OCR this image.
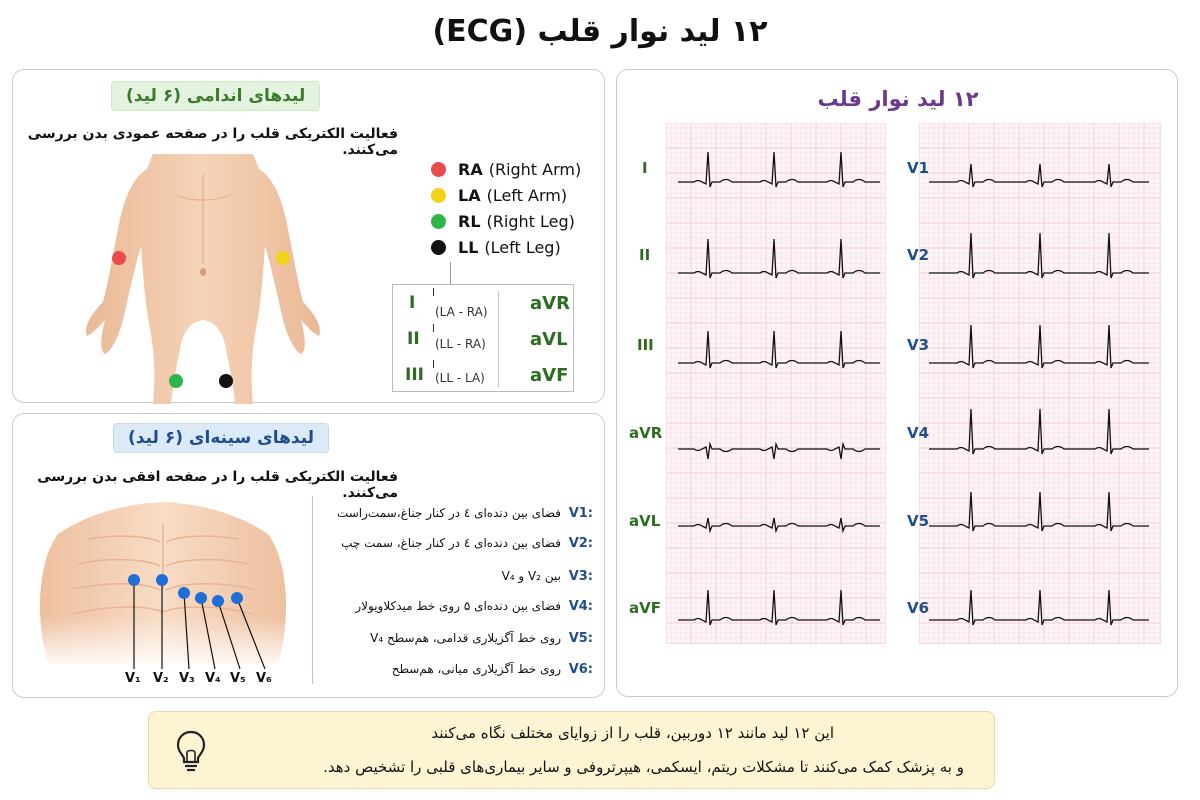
۱۲ لید نوار قلب (ECG)
لیدهای اندامی (۶ لید)
فعالیت الکتریکی قلب را در صفحه عمودی بدن بررسی می‌کنند.
RA (Right Arm)
LA (Left Arm)
RL (Right Leg)
LL (Left Leg)
I (LA - RA)
II (LL - RA)
III (LL - LA)
aVR
aVL
aVF
لیدهای سینه‌ای (۶ لید)
فعالیت الکتریکی قلب را در صفحه افقی بدن بررسی می‌کنند.
V₁ V₂ V₃ V₄ V₅ V₆
V1:
فضای بین دنده‌ای ٤ در کنار جناغ،سمت‌راست
V2:
فضای بین دنده‌ای ٤ در کنار جناغ، سمت چپ
V3:
بین V₂ و V₄
V4:
فضای بین دنده‌ای ۵ روی خط میدکلاویولار
V5:
روی خط آگزیلاری قدامی، هم‌سطح V₄
V6:
روی خط آگزیلاری میانی، هم‌سطح
۱۲ لید نوار قلب
I
II
III
aVR
aVL
aVF
V1
V2
V3
V4
V5
V6
این ۱۲ لید مانند ۱۲ دوربین، قلب را از زوایای مختلف نگاه می‌کنند
و به پزشک کمک می‌کنند تا مشکلات ریتم، ایسکمی، هیپرتروفی و سایر بیماری‌های قلبی را تشخیص دهد.
